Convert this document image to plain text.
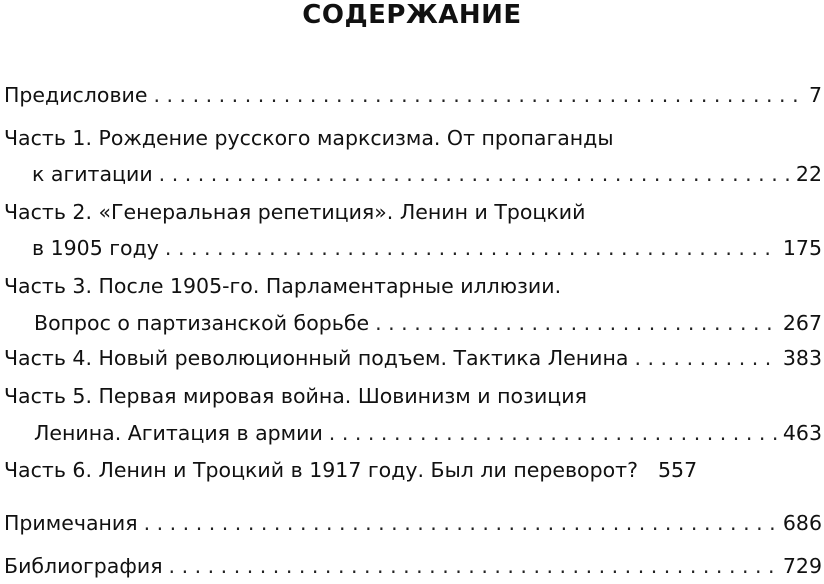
СОДЕРЖАНИЕ
Предисловие . . .	7
Часть 1. Рождение русского марксизма. От пропаганды
к агитации . . .	22
Часть 2. «Генеральная репетиция». Ленин и Троцкий
в 1905 году . . .	175
Часть 3. После 1905-го. Парламентарные иллюзии.
Вопрос о партизанской борьбе . . .	267
Часть 4. Новый революционный подъем. Тактика Ленина . . .	383
Часть 5. Первая мировая война. Шовинизм и позиция
Ленина. Агитация в армии . . .	463
Часть 6. Ленин и Троцкий в 1917 году. Был ли переворот? 557
Примечания . . .	686
Библиография . . .	729
